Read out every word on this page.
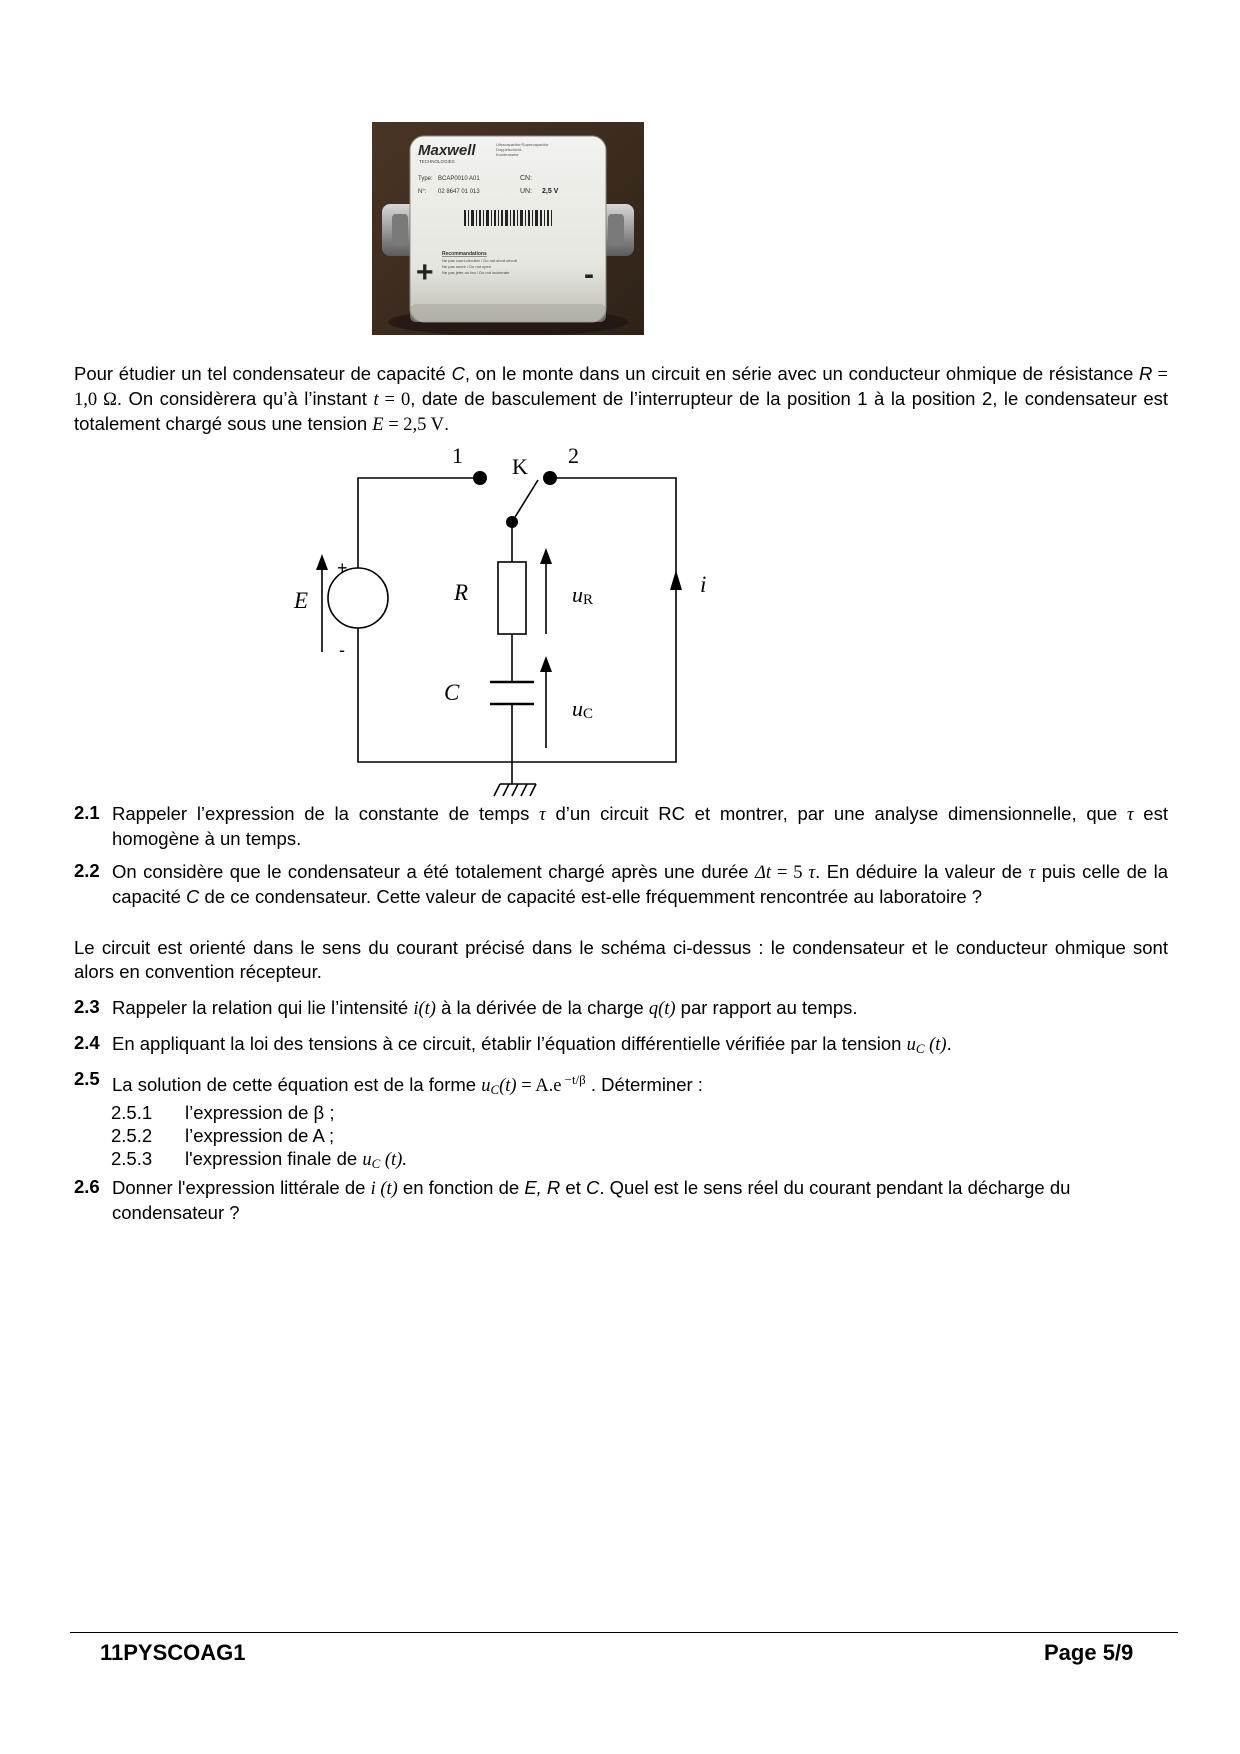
Maxwell
TECHNOLOGIES
Ultracapacitor/Supercapacitor
Doppelschicht-
Kondensator
Type: BCAP0010 A01	CN:
N°: 02 8647 01 013	UN: 2,5 V
Recommandations
Ne pas court-circuiter / Do not short circuit
Ne pas ouvrir / Do not open
Ne pas jeter au feu / Do not incinerate
+	-
Pour étudier un tel condensateur de capacité C, on le monte dans un circuit en série avec un conducteur ohmique de résistance R = 1,0 Ω. On considèrera qu’à l’instant t = 0, date de basculement de l’interrupteur de la position 1 à la position 2, le condensateur est totalement chargé sous une tension E = 2,5 V.
1 K 2
E
+
-
R	uR
i
C
uC
2.1 Rappeler l’expression de la constante de temps τ d’un circuit RC et montrer, par une analyse dimensionnelle, que τ est homogène à un temps.
2.2 On considère que le condensateur a été totalement chargé après une durée Δt = 5 τ. En déduire la valeur de τ puis celle de la capacité C de ce condensateur. Cette valeur de capacité est-elle fréquemment rencontrée au laboratoire ?
Le circuit est orienté dans le sens du courant précisé dans le schéma ci-dessus : le condensateur et le conducteur ohmique sont alors en convention récepteur.
2.3 Rappeler la relation qui lie l’intensité i(t) à la dérivée de la charge q(t) par rapport au temps.
2.4 En appliquant la loi des tensions à ce circuit, établir l’équation différentielle vérifiée par la tension $u_C$ (t).
2.5 La solution de cette équation est de la forme $u_C(t) = A.e$ $^{-t/\beta}$ . Déterminer :
2.5.1 l’expression de β ;
2.5.2 l’expression de A ;
2.5.3 l'expression finale de $u_C$ (t).
2.6 Donner l'expression littérale de i (t) en fonction de E, R et C. Quel est le sens réel du courant pendant la décharge du condensateur ?
11PYSCOAG1	Page 5/9
